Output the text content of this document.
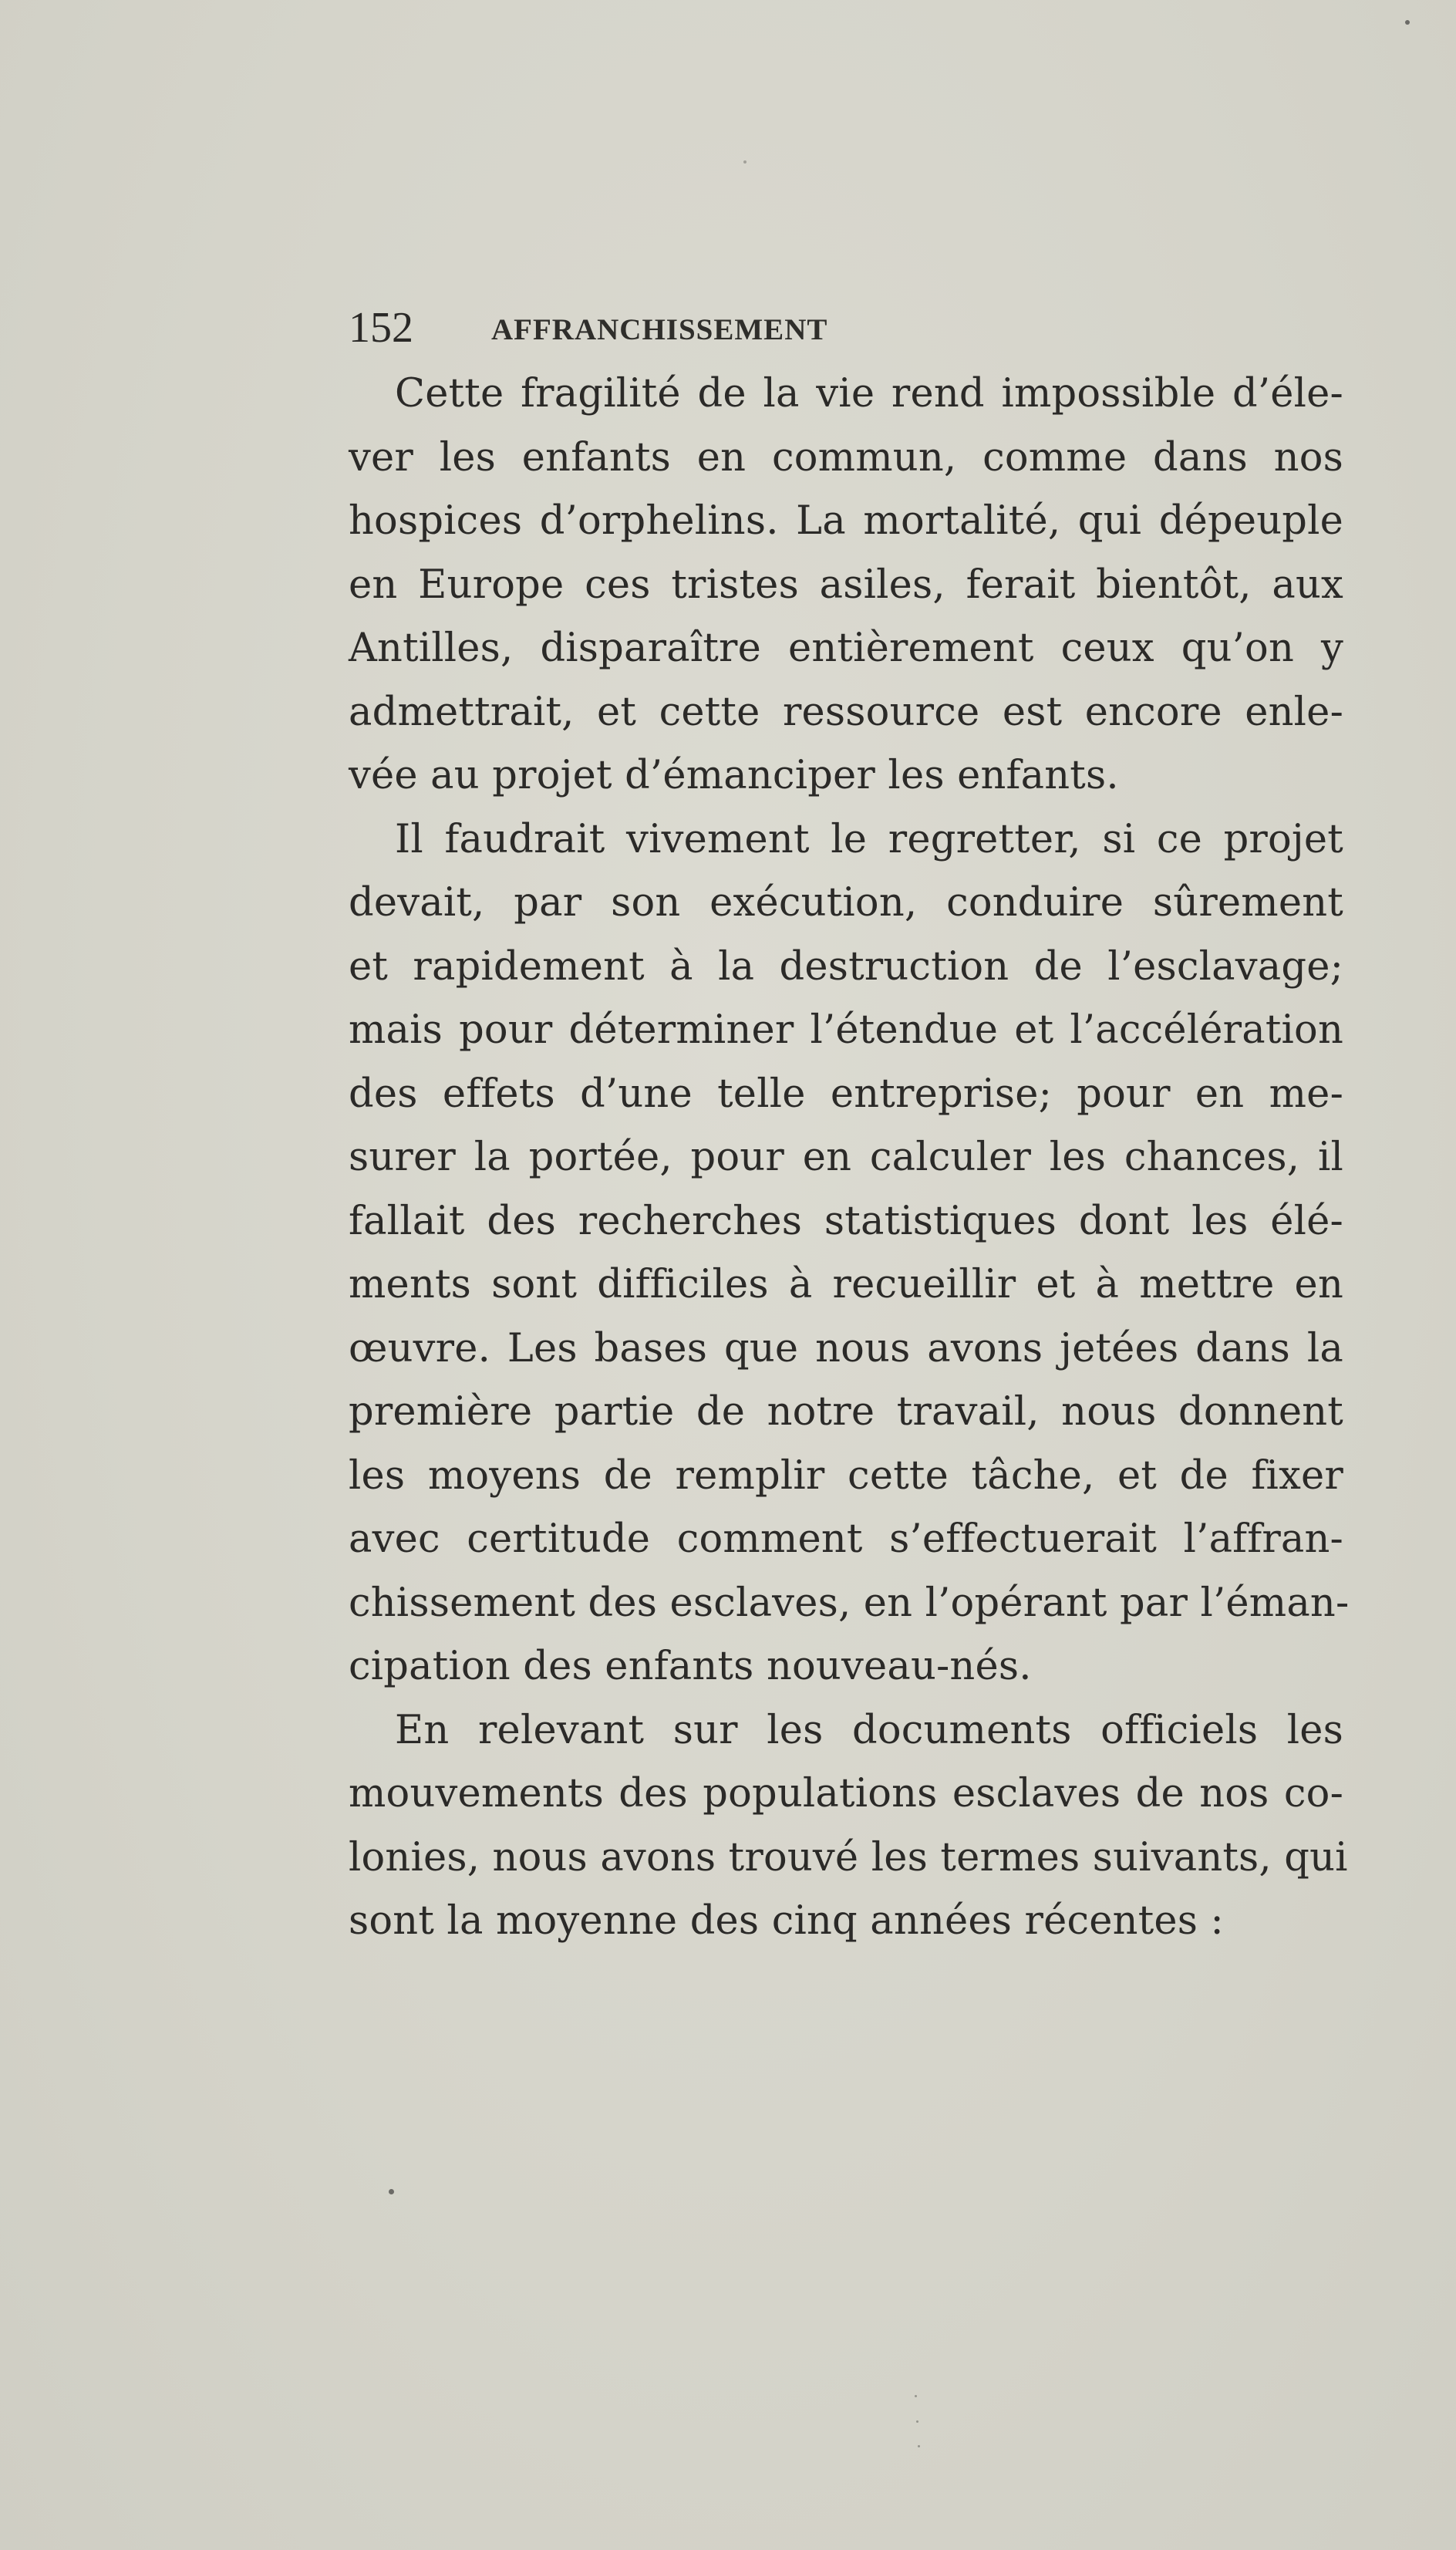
152	AFFRANCHISSEMENT
Cette fragilité de la vie rend impossible d’éle-
ver les enfants en commun, comme dans nos
hospices d’orphelins. La mortalité, qui dépeuple
en Europe ces tristes asiles, ferait bientôt, aux
Antilles, disparaître entièrement ceux qu’on y
admettrait, et cette ressource est encore enle-
vée au projet d’émanciper les enfants.
Il faudrait vivement le regretter, si ce projet
devait, par son exécution, conduire sûrement
et rapidement à la destruction de l’esclavage;
mais pour déterminer l’étendue et l’accélération
des effets d’une telle entreprise; pour en me-
surer la portée, pour en calculer les chances, il
fallait des recherches statistiques dont les élé-
ments sont difficiles à recueillir et à mettre en
œuvre. Les bases que nous avons jetées dans la
première partie de notre travail, nous donnent
les moyens de remplir cette tâche, et de fixer
avec certitude comment s’effectuerait l’affran-
chissement des esclaves, en l’opérant par l’éman-
cipation des enfants nouveau-nés.
En relevant sur les documents officiels les
mouvements des populations esclaves de nos co-
lonies, nous avons trouvé les termes suivants, qui
sont la moyenne des cinq années récentes :
